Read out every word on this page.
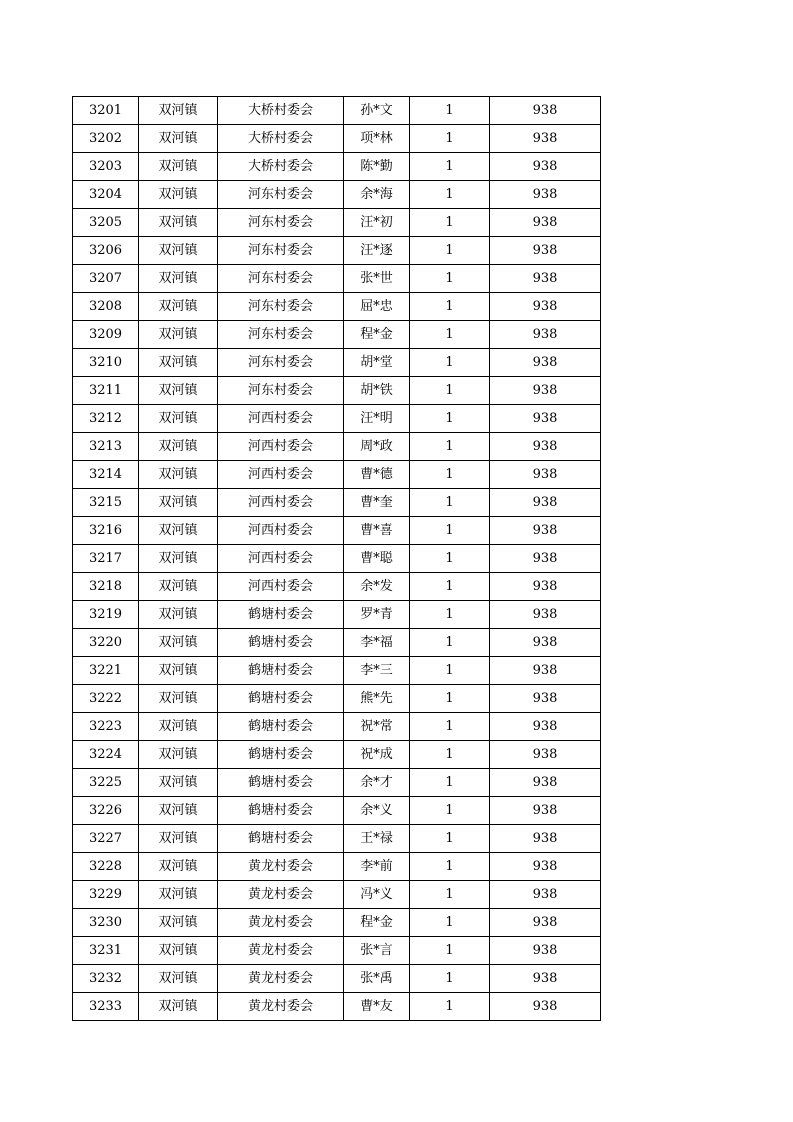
3201	双河镇	大桥村委会	孙*文	1	938
3202	双河镇	大桥村委会	项*林	1	938
3203	双河镇	大桥村委会	陈*勤	1	938
3204	双河镇	河东村委会	余*海	1	938
3205	双河镇	河东村委会	汪*初	1	938
3206	双河镇	河东村委会	汪*逐	1	938
3207	双河镇	河东村委会	张*世	1	938
3208	双河镇	河东村委会	屈*忠	1	938
3209	双河镇	河东村委会	程*金	1	938
3210	双河镇	河东村委会	胡*堂	1	938
3211	双河镇	河东村委会	胡*铁	1	938
3212	双河镇	河西村委会	汪*明	1	938
3213	双河镇	河西村委会	周*政	1	938
3214	双河镇	河西村委会	曹*德	1	938
3215	双河镇	河西村委会	曹*奎	1	938
3216	双河镇	河西村委会	曹*喜	1	938
3217	双河镇	河西村委会	曹*聪	1	938
3218	双河镇	河西村委会	余*发	1	938
3219	双河镇	鹤塘村委会	罗*青	1	938
3220	双河镇	鹤塘村委会	李*福	1	938
3221	双河镇	鹤塘村委会	李*三	1	938
3222	双河镇	鹤塘村委会	熊*先	1	938
3223	双河镇	鹤塘村委会	祝*常	1	938
3224	双河镇	鹤塘村委会	祝*成	1	938
3225	双河镇	鹤塘村委会	余*才	1	938
3226	双河镇	鹤塘村委会	余*义	1	938
3227	双河镇	鹤塘村委会	王*禄	1	938
3228	双河镇	黄龙村委会	李*前	1	938
3229	双河镇	黄龙村委会	冯*义	1	938
3230	双河镇	黄龙村委会	程*金	1	938
3231	双河镇	黄龙村委会	张*言	1	938
3232	双河镇	黄龙村委会	张*禹	1	938
3233	双河镇	黄龙村委会	曹*友	1	938
